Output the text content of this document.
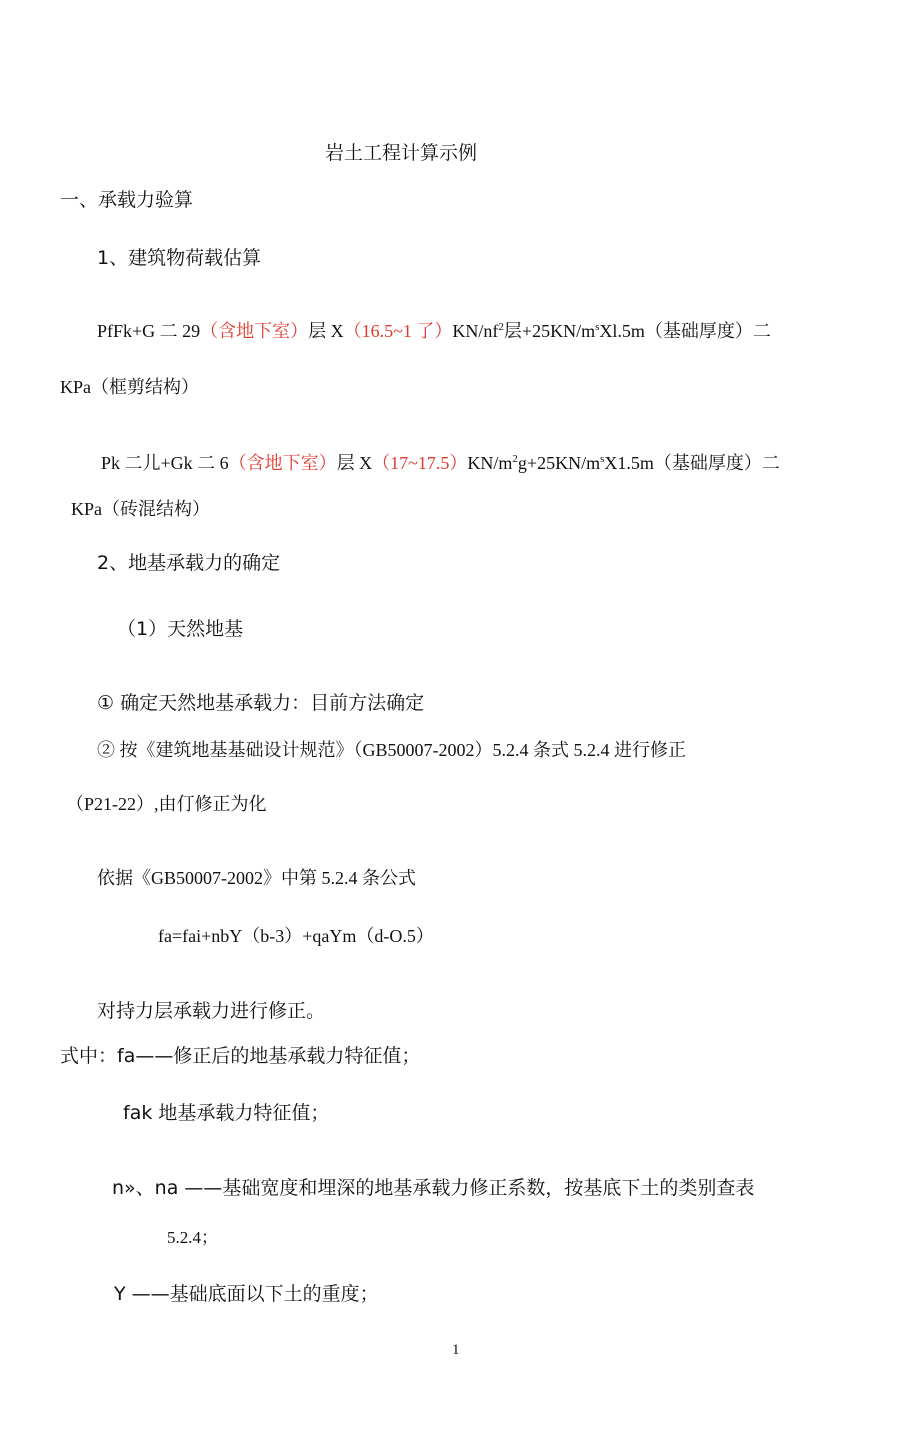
岩土工程计算示例
一、承载力验算
1、建筑物荷载估算
PfFk+G 二 29（含地下室）层 X（16.5~1 了）$KN/nf^2$层$+25KN/m^sXl.5m$（基础厚度）二
KPa（框剪结构）
Pk 二儿+Gk 二 6（含地下室）层 $X(17\sim 17.5)KN/m^2g+25KN/m^sX1.5m$（基础厚度）二
KPa（砖混结构）
2、地基承载力的确定
（1）天然地基
① 确定天然地基承载力：目前方法确定
② 按《建筑地基基础设计规范》（GB50007-2002）5.2.4 条式 5.2.4 进行修正
（P21-22）,由仃修正为化
依据《GB50007-2002》中第 5.2.4 条公式
fa=fai+nbY（b-3）+qaYm（d-O.5）
对持力层承载力进行修正。
式中：fa——修正后的地基承载力特征值；
fak 地基承载力特征值；
n»、na ——基础宽度和埋深的地基承载力修正系数，按基底下土的类别查表
5.2.4；
Y ——基础底面以下土的重度；
1
